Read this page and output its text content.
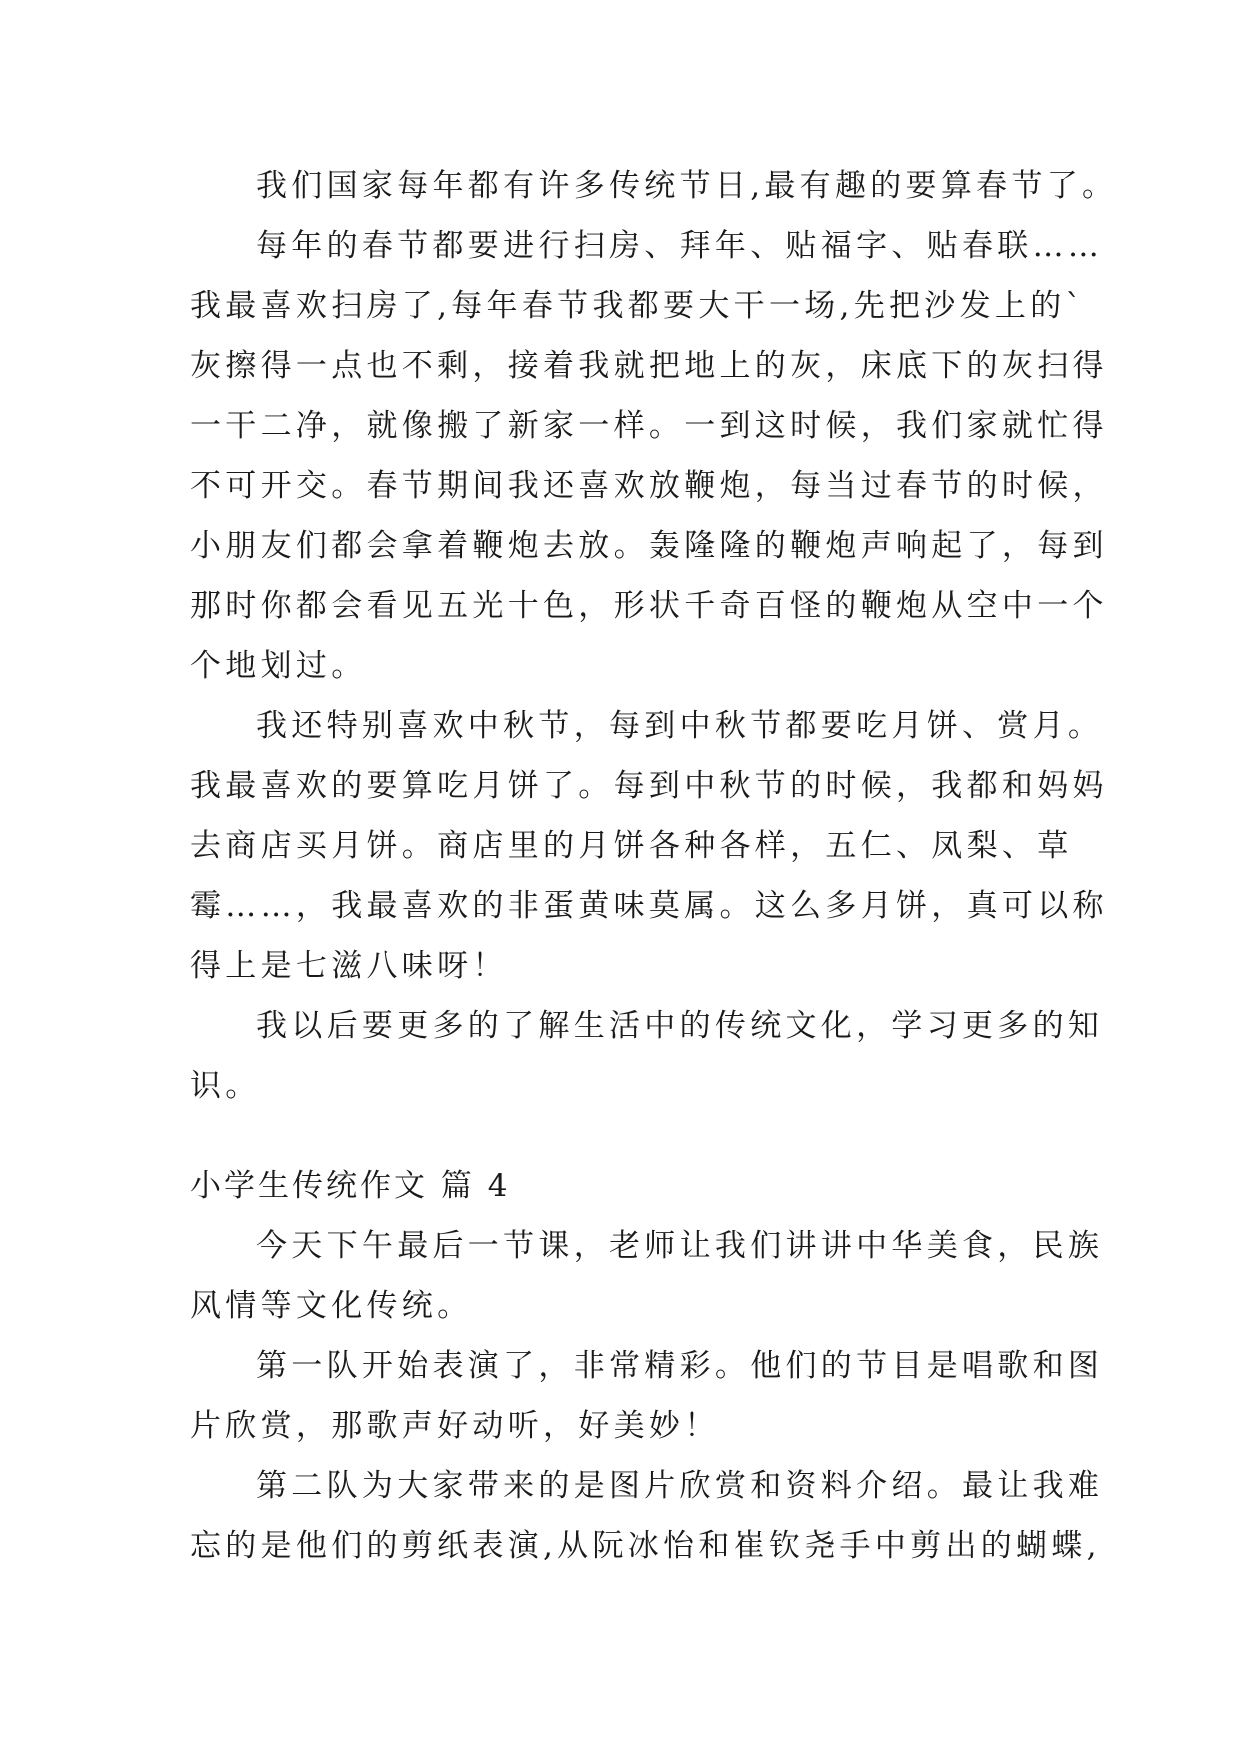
我们国家每年都有许多传统节日,最有趣的要算春节了。
每年的春节都要进行扫房、拜年、贴福字、贴春联……
我最喜欢扫房了,每年春节我都要大干一场,先把沙发上的`
灰擦得一点也不剩，接着我就把地上的灰，床底下的灰扫得
一干二净，就像搬了新家一样。一到这时候，我们家就忙得
不可开交。春节期间我还喜欢放鞭炮，每当过春节的时候，
小朋友们都会拿着鞭炮去放。轰隆隆的鞭炮声响起了，每到
那时你都会看见五光十色，形状千奇百怪的鞭炮从空中一个
个地划过。
我还特别喜欢中秋节，每到中秋节都要吃月饼、赏月。
我最喜欢的要算吃月饼了。每到中秋节的时候，我都和妈妈
去商店买月饼。商店里的月饼各种各样，五仁、凤梨、草
霉……，我最喜欢的非蛋黄味莫属。这么多月饼，真可以称
得上是七滋八味呀！
我以后要更多的了解生活中的传统文化，学习更多的知
识。
小学生传统作文 篇 4
今天下午最后一节课，老师让我们讲讲中华美食，民族
风情等文化传统。
第一队开始表演了，非常精彩。他们的节目是唱歌和图
片欣赏，那歌声好动听，好美妙！
第二队为大家带来的是图片欣赏和资料介绍。最让我难
忘的是他们的剪纸表演,从阮冰怡和崔钦尧手中剪出的蝴蝶,
